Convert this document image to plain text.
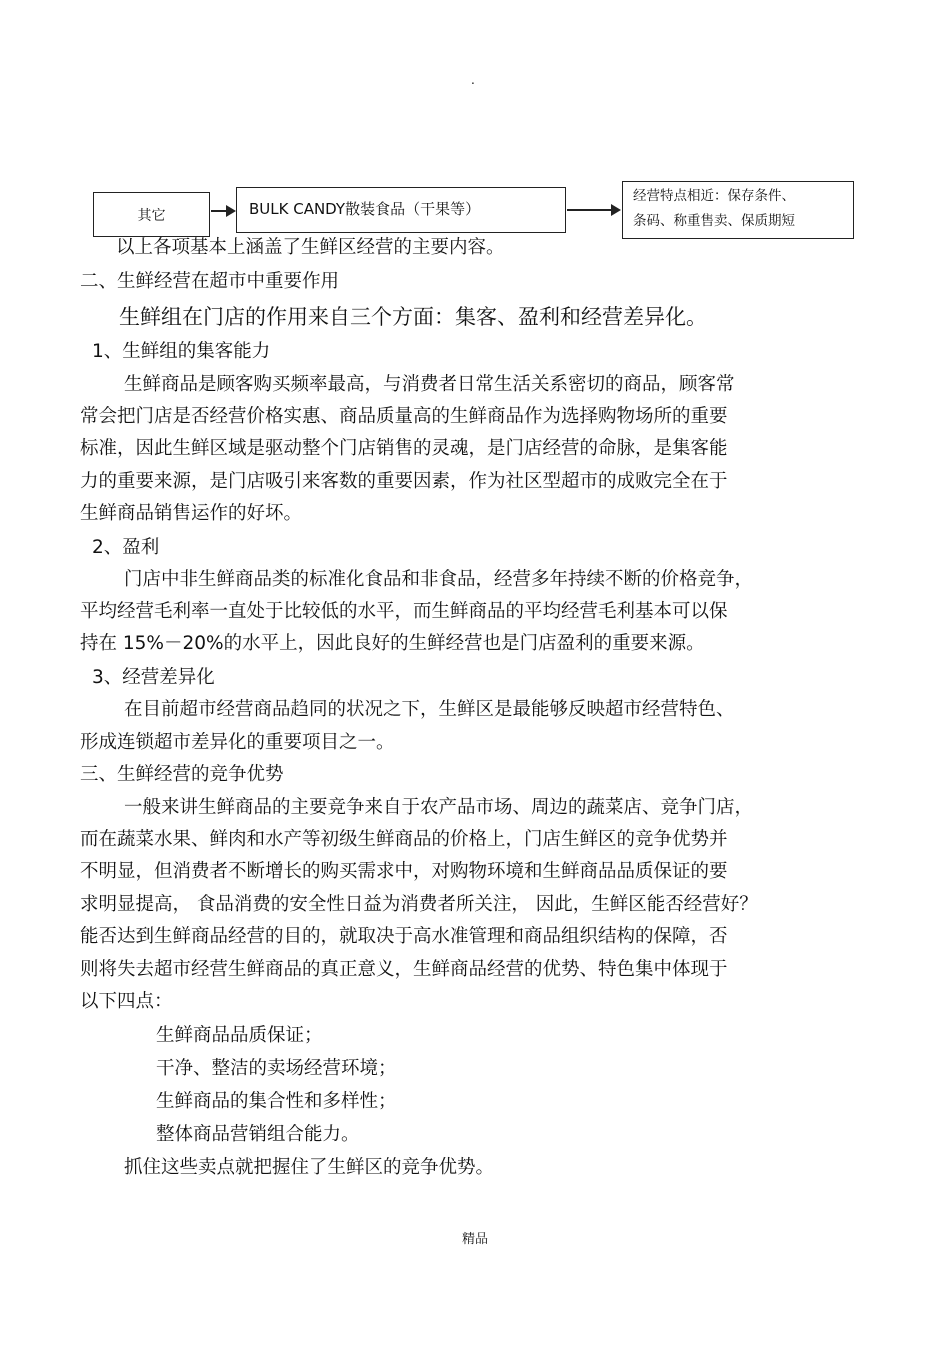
.
其它	BULK CANDY散装食品（干果等）
经营特点相近：保存条件、
条码、称重售卖、保质期短
以上各项基本上涵盖了生鲜区经营的主要内容。
二、生鲜经营在超市中重要作用
生鲜组在门店的作用来自三个方面：集客、盈利和经营差异化。
1、生鲜组的集客能力
生鲜商品是顾客购买频率最高，与消费者日常生活关系密切的商品，顾客常
常会把门店是否经营价格实惠、商品质量高的生鲜商品作为选择购物场所的重要
标准，因此生鲜区域是驱动整个门店销售的灵魂，是门店经营的命脉，是集客能
力的重要来源，是门店吸引来客数的重要因素，作为社区型超市的成败完全在于
生鲜商品销售运作的好坏。
2、盈利
门店中非生鲜商品类的标准化食品和非食品，经营多年持续不断的价格竞争，
平均经营毛利率一直处于比较低的水平，而生鲜商品的平均经营毛利基本可以保
持在 15%－20%的水平上，因此良好的生鲜经营也是门店盈利的重要来源。
3、经营差异化
在目前超市经营商品趋同的状况之下，生鲜区是最能够反映超市经营特色、
形成连锁超市差异化的重要项目之一。
三、生鲜经营的竞争优势
一般来讲生鲜商品的主要竞争来自于农产品市场、周边的蔬菜店、竞争门店，
而在蔬菜水果、鲜肉和水产等初级生鲜商品的价格上，门店生鲜区的竞争优势并
不明显，但消费者不断增长的购买需求中，对购物环境和生鲜商品品质保证的要
求明显提高， 食品消费的安全性日益为消费者所关注， 因此，生鲜区能否经营好？
能否达到生鲜商品经营的目的，就取决于高水准管理和商品组织结构的保障，否
则将失去超市经营生鲜商品的真正意义，生鲜商品经营的优势、特色集中体现于
以下四点：
生鲜商品品质保证；
干净、整洁的卖场经营环境；
生鲜商品的集合性和多样性；
整体商品营销组合能力。
抓住这些卖点就把握住了生鲜区的竞争优势。
精品
